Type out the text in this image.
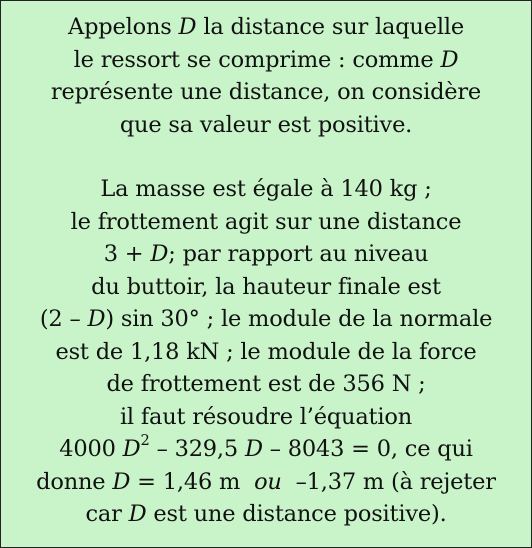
Appelons D la distance sur laquelle
le ressort se comprime : comme D
représente une distance, on considère
que sa valeur est positive.
La masse est égale à 140 kg ;
le frottement agit sur une distance
3 + D; par rapport au niveau
du buttoir, la hauteur finale est
(2 – D) sin 30° ; le module de la normale
est de 1,18 kN ; le module de la force
de frottement est de 356 N ;
il faut résoudre l’équation
4000 $D^2 - 329,5$ D – 8043 = 0, ce qui
donne D = 1,46 m  ou  –1,37 m (à rejeter
car D est une distance positive).
